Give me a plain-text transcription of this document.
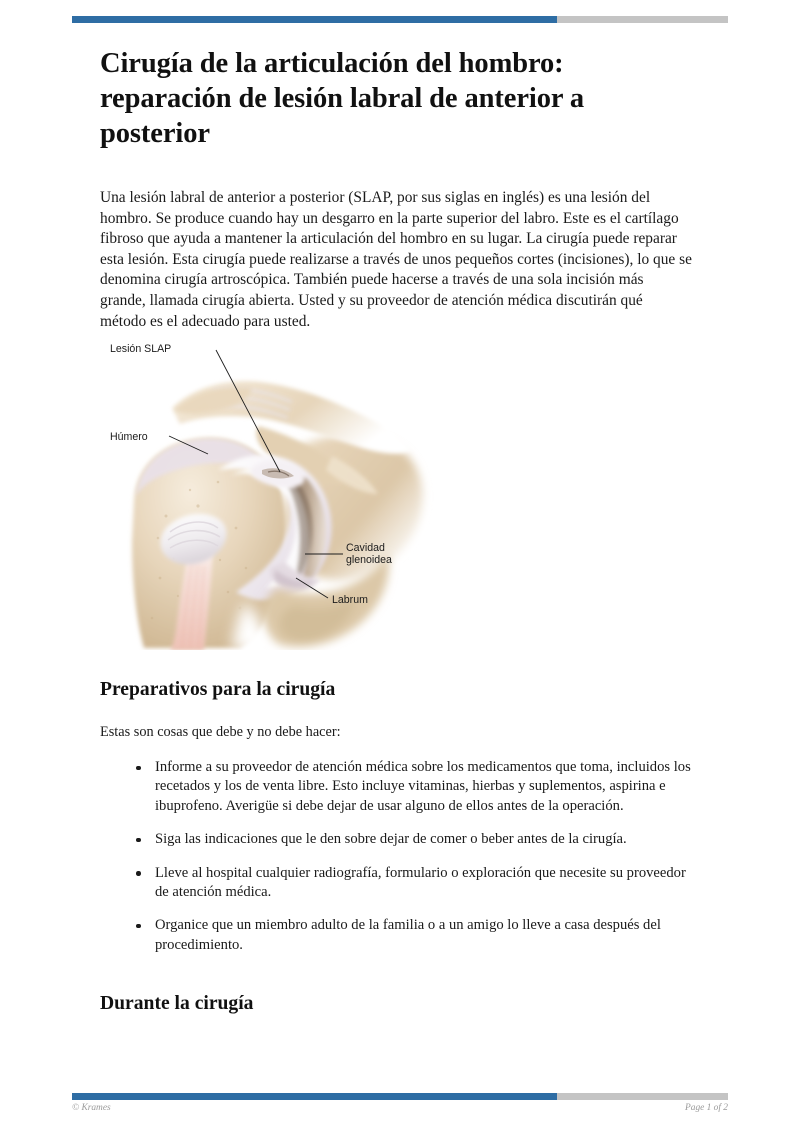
Cirugía de la articulación del hombro: reparación de lesión labral de anterior a posterior

Una lesión labral de anterior a posterior (SLAP, por sus siglas en inglés) es una lesión del hombro. Se produce cuando hay un desgarro en la parte superior del labro. Este es el cartílago fibroso que ayuda a mantener la articulación del hombro en su lugar. La cirugía puede reparar esta lesión. Esta cirugía puede realizarse a través de unos pequeños cortes (incisiones), lo que se denomina cirugía artroscópica. También puede hacerse a través de una sola incisión más grande, llamada cirugía abierta. Usted y su proveedor de atención médica discutirán qué método es el adecuado para usted.

Lesión SLAP
Húmero
Cavidad
glenoidea
Labrum
Preparativos para la cirugía

Estas son cosas que debe y no debe hacer:

Informe a su proveedor de atención médica sobre los medicamentos que toma, incluidos los recetados y los de venta libre. Esto incluye vitaminas, hierbas y suplementos, aspirina e ibuprofeno. Averigüe si debe dejar de usar alguno de ellos antes de la operación.
Siga las indicaciones que le den sobre dejar de comer o beber antes de la cirugía.
Lleve al hospital cualquier radiografía, formulario o exploración que necesite su proveedor de atención médica.
Organice que un miembro adulto de la familia o a un amigo lo lleve a casa después del procedimiento.
Durante la cirugía
© Krames	Page 1 of 2
